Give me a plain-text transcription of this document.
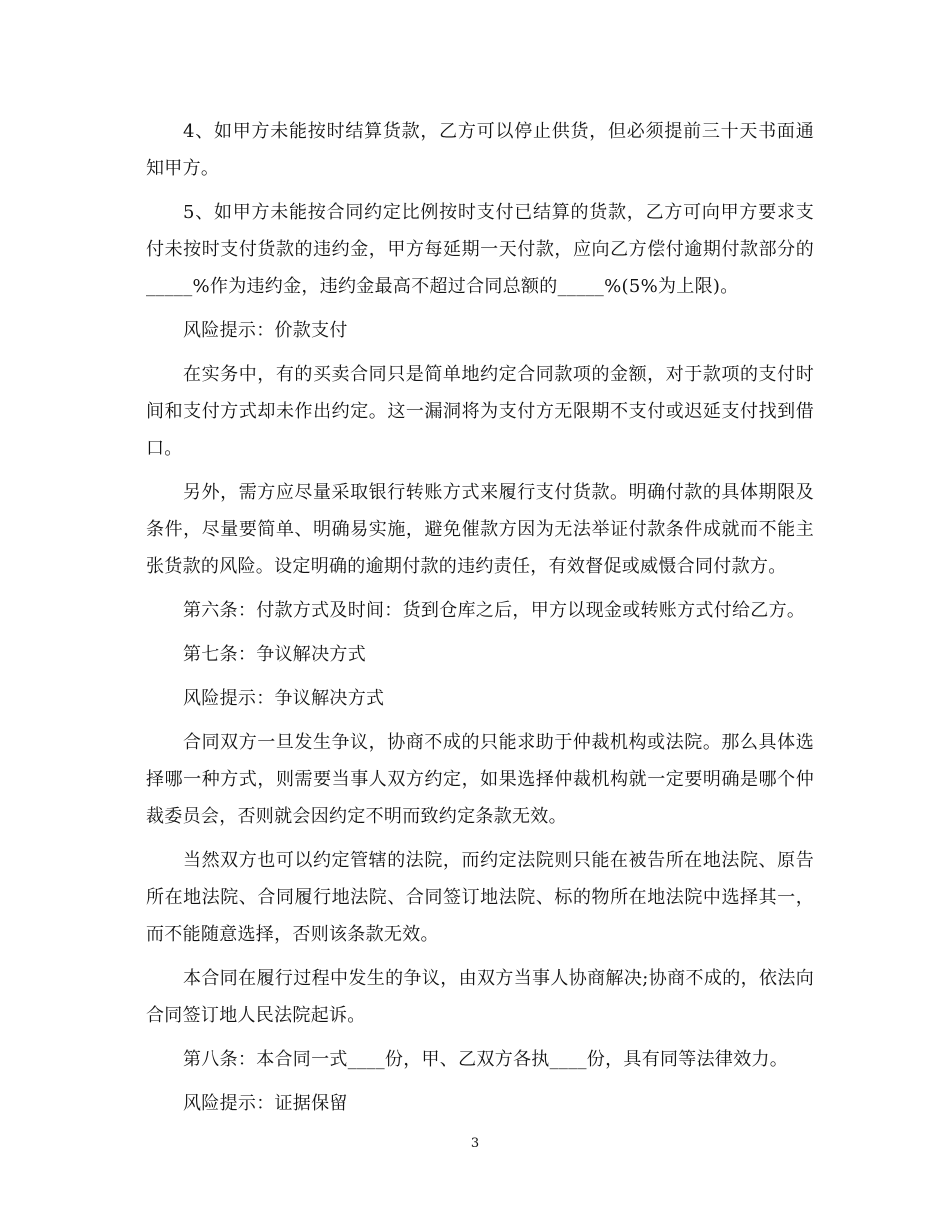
4、如甲方未能按时结算货款，乙方可以停止供货，但必须提前三十天书面通知甲方。

5、如甲方未能按合同约定比例按时支付已结算的货款，乙方可向甲方要求支付未按时支付货款的违约金，甲方每延期一天付款，应向乙方偿付逾期付款部分的_____%作为违约金，违约金最高不超过合同总额的_____%(5%为上限)。

风险提示：价款支付

在实务中，有的买卖合同只是简单地约定合同款项的金额，对于款项的支付时间和支付方式却未作出约定。这一漏洞将为支付方无限期不支付或迟延支付找到借口。

另外，需方应尽量采取银行转账方式来履行支付货款。明确付款的具体期限及条件，尽量要简单、明确易实施，避免催款方因为无法举证付款条件成就而不能主张货款的风险。设定明确的逾期付款的违约责任，有效督促或威慑合同付款方。

第六条：付款方式及时间：货到仓库之后，甲方以现金或转账方式付给乙方。

第七条：争议解决方式

风险提示：争议解决方式

合同双方一旦发生争议，协商不成的只能求助于仲裁机构或法院。那么具体选择哪一种方式，则需要当事人双方约定，如果选择仲裁机构就一定要明确是哪个仲裁委员会，否则就会因约定不明而致约定条款无效。

当然双方也可以约定管辖的法院，而约定法院则只能在被告所在地法院、原告所在地法院、合同履行地法院、合同签订地法院、标的物所在地法院中选择其一，而不能随意选择，否则该条款无效。

本合同在履行过程中发生的争议，由双方当事人协商解决;协商不成的，依法向合同签订地人民法院起诉。

第八条：本合同一式____份，甲、乙双方各执____份，具有同等法律效力。

风险提示：证据保留

3
